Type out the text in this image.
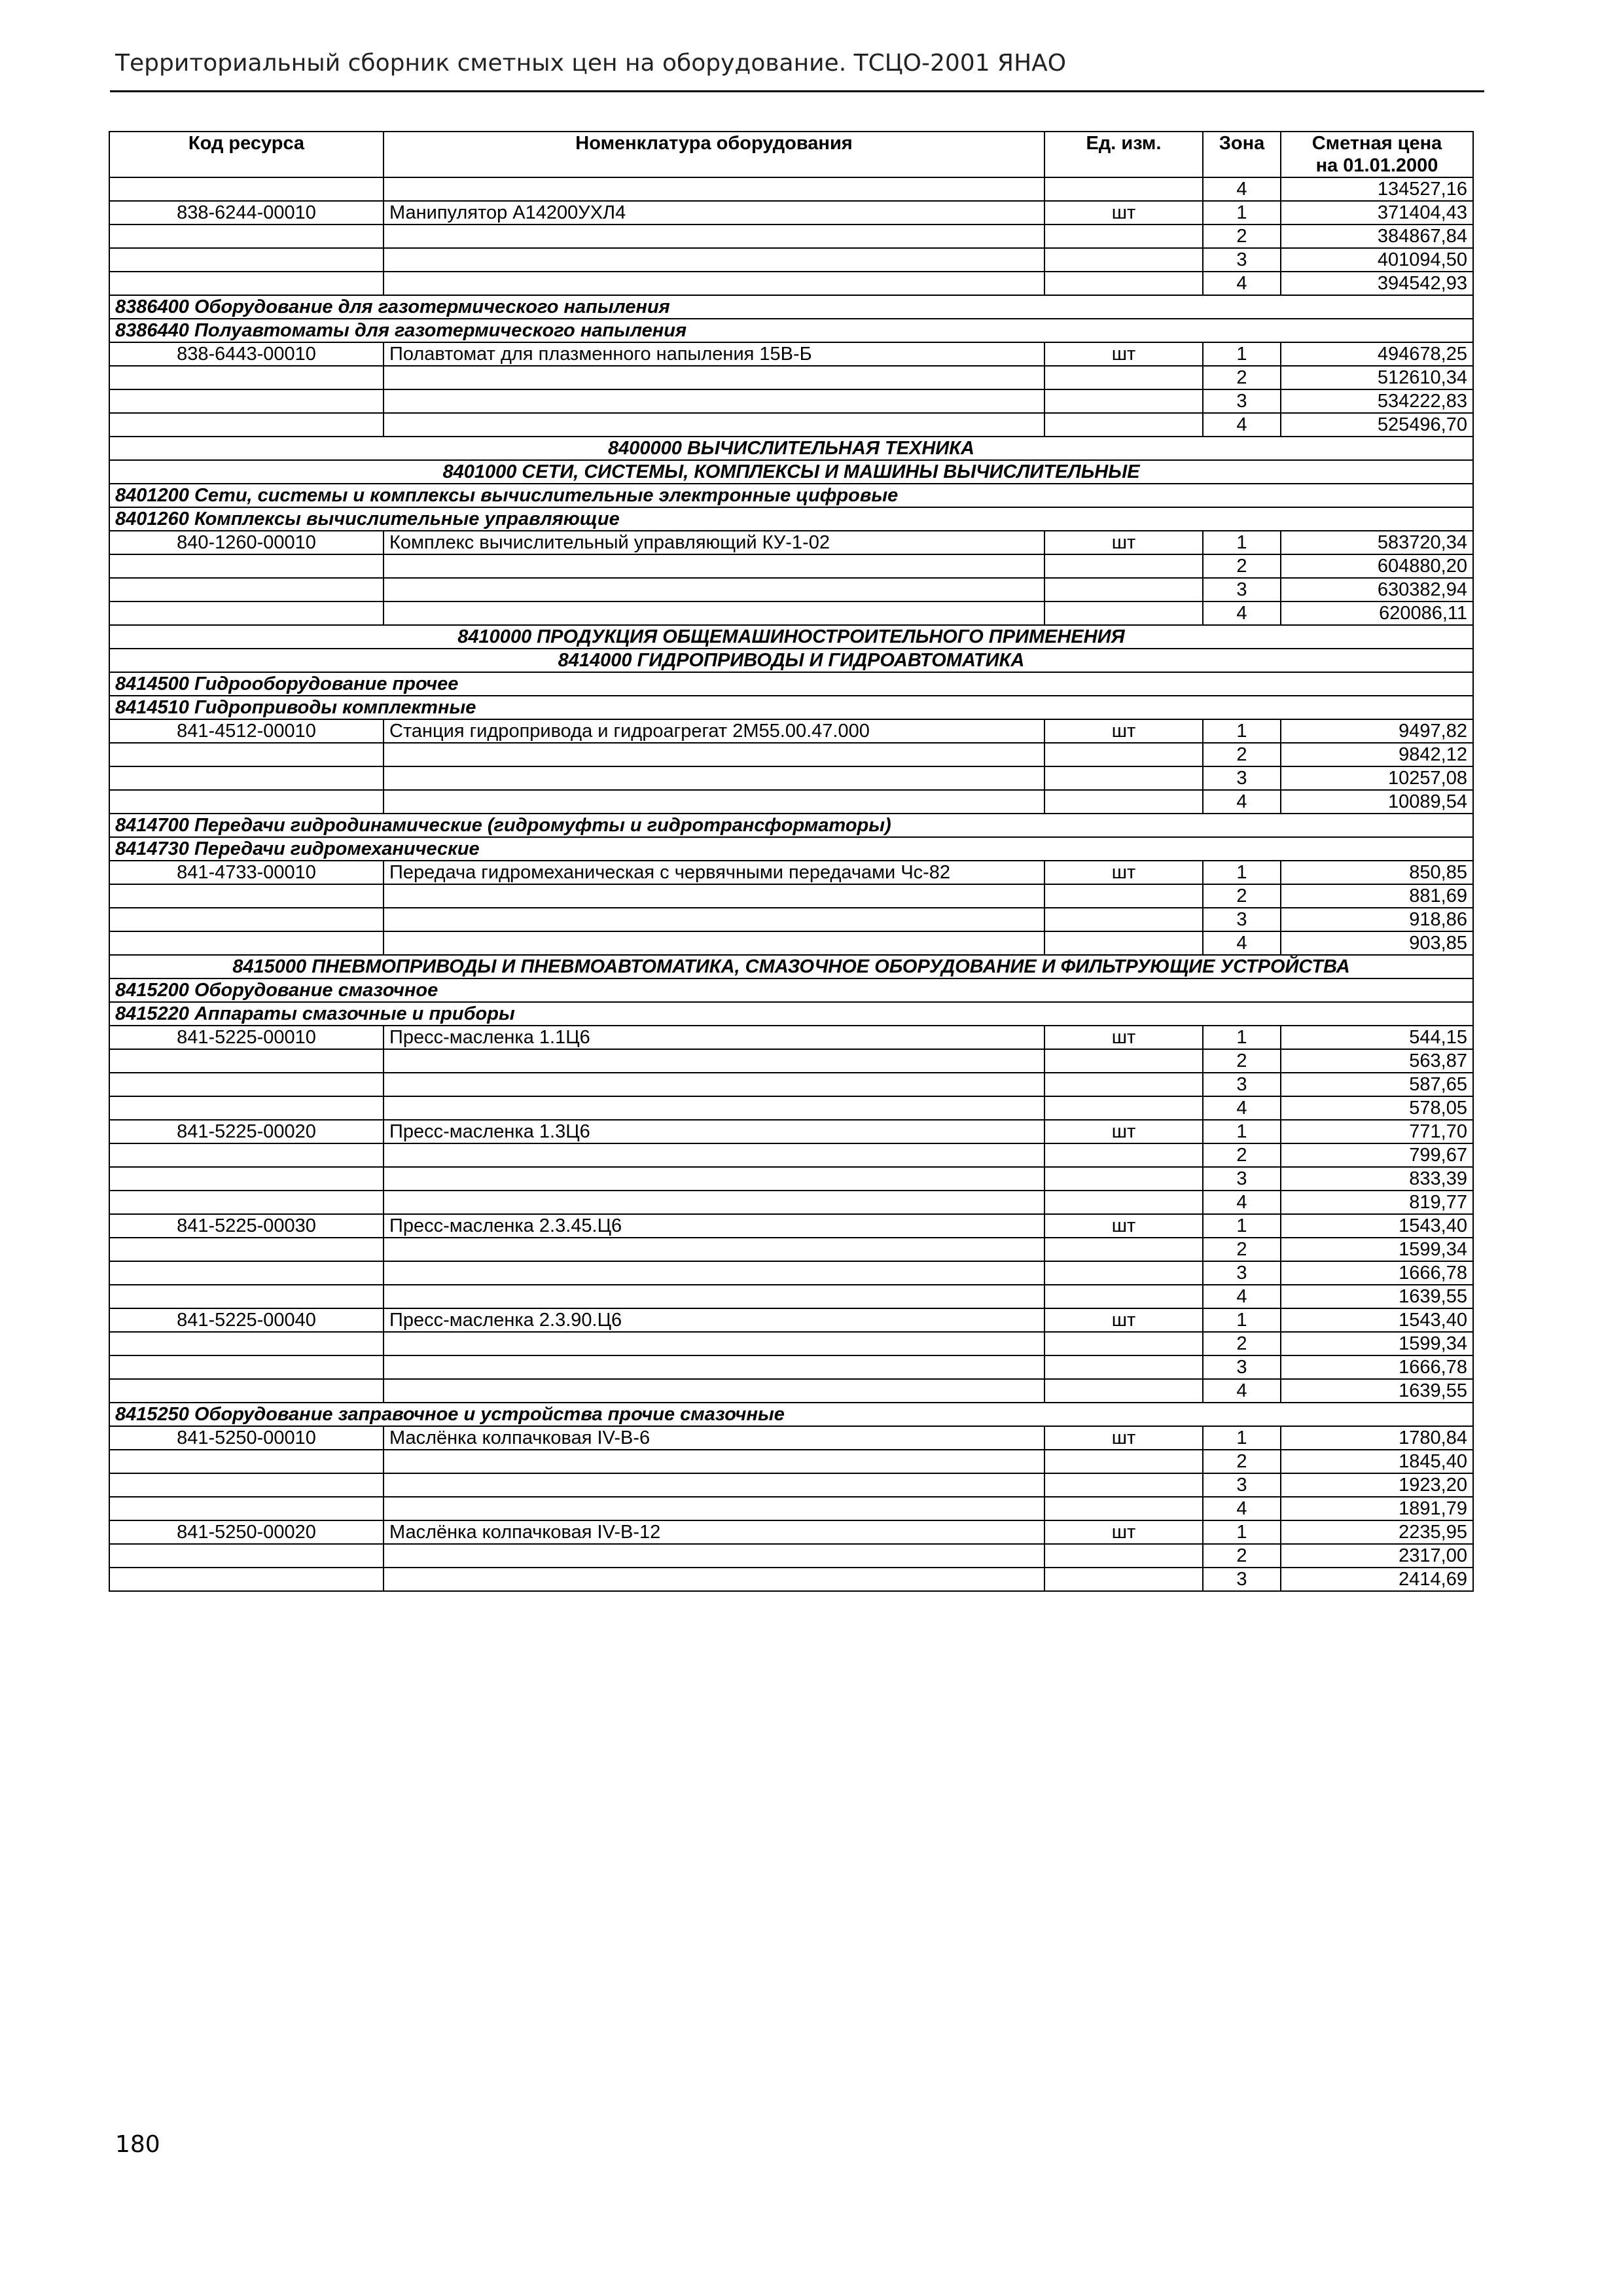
Территориальный сборник сметных цен на оборудование. ТСЦО-2001 ЯНАО
Код ресурса	Номенклатура оборудования	Ед. изм.	Зона	Сметная цена
на 01.01.2000

			4	134527,16
838-6244-00010	Манипулятор А14200УХЛ4	шт	1	371404,43
			2	384867,84
			3	401094,50
			4	394542,93
8386400 Оборудование для газотермического напыления				
8386440 Полуавтоматы для газотермического напыления				
838-6443-00010	Полавтомат для плазменного напыления 15В-Б	шт	1	494678,25
			2	512610,34
			3	534222,83
			4	525496,70
8400000 ВЫЧИСЛИТЕЛЬНАЯ ТЕХНИКА				
8401000 СЕТИ, СИСТЕМЫ, КОМПЛЕКСЫ И МАШИНЫ ВЫЧИСЛИТЕЛЬНЫЕ				
8401200 Сети, системы и комплексы вычислительные электронные цифровые				
8401260 Комплексы вычислительные управляющие				
840-1260-00010	Комплекс вычислительный управляющий КУ-1-02	шт	1	583720,34
			2	604880,20
			3	630382,94
			4	620086,11
8410000 ПРОДУКЦИЯ ОБЩЕМАШИНОСТРОИТЕЛЬНОГО ПРИМЕНЕНИЯ				
8414000 ГИДРОПРИВОДЫ И ГИДРОАВТОМАТИКА				
8414500 Гидрооборудование прочее				
8414510 Гидроприводы комплектные				
841-4512-00010	Станция гидропривода и гидроагрегат 2М55.00.47.000	шт	1	9497,82
			2	9842,12
			3	10257,08
			4	10089,54
8414700 Передачи гидродинамические (гидромуфты и гидротрансформаторы)				
8414730 Передачи гидромеханические				
841-4733-00010	Передача гидромеханическая с червячными передачами Чс-82	шт	1	850,85
			2	881,69
			3	918,86
			4	903,85
8415000 ПНЕВМОПРИВОДЫ И ПНЕВМОАВТОМАТИКА, СМАЗОЧНОЕ ОБОРУДОВАНИЕ И ФИЛЬТРУЮЩИЕ УСТРОЙСТВА				
8415200 Оборудование смазочное				
8415220 Аппараты смазочные и приборы				
841-5225-00010	Пресс-масленка 1.1Ц6	шт	1	544,15
			2	563,87
			3	587,65
			4	578,05
841-5225-00020	Пресс-масленка 1.3Ц6	шт	1	771,70
			2	799,67
			3	833,39
			4	819,77
841-5225-00030	Пресс-масленка 2.3.45.Ц6	шт	1	1543,40
			2	1599,34
			3	1666,78
			4	1639,55
841-5225-00040	Пресс-масленка 2.3.90.Ц6	шт	1	1543,40
			2	1599,34
			3	1666,78
			4	1639,55
8415250 Оборудование заправочное и устройства прочие смазочные				
841-5250-00010	Маслёнка колпачковая IV-В-6	шт	1	1780,84
			2	1845,40
			3	1923,20
			4	1891,79
841-5250-00020	Маслёнка колпачковая IV-В-12	шт	1	2235,95
			2	2317,00
			3	2414,69
180
